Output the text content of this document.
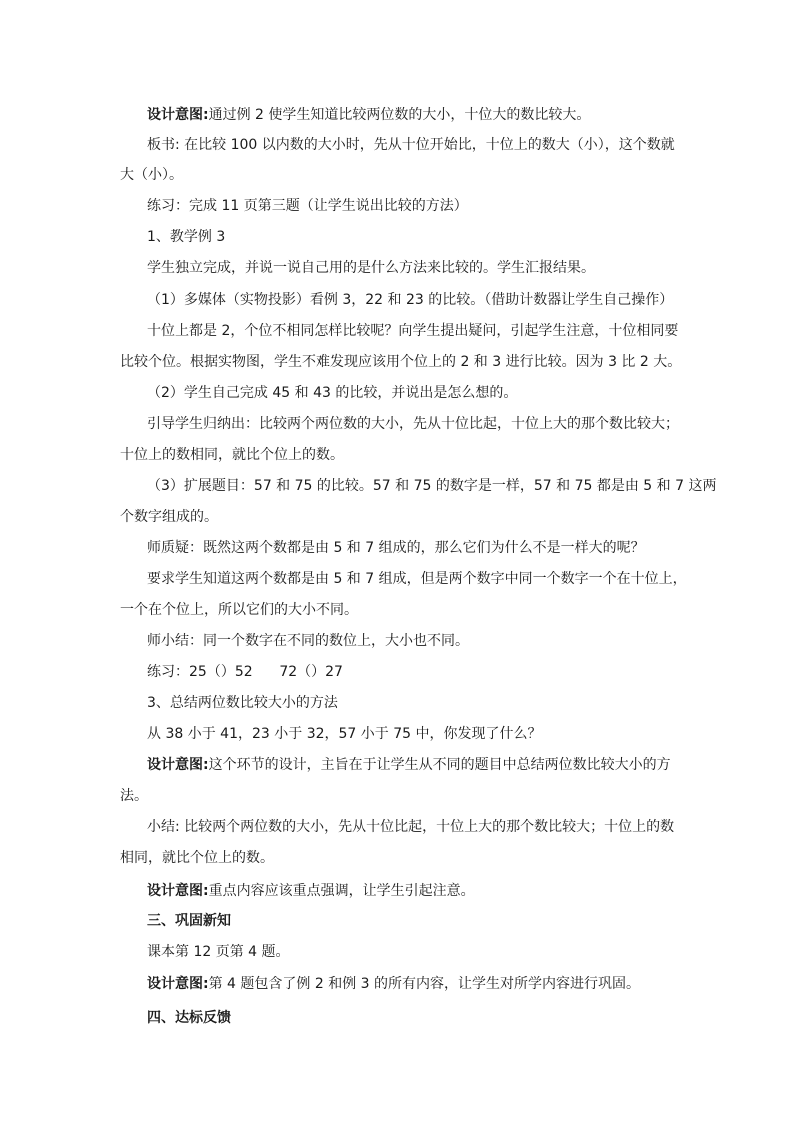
设计意图:通过例 2 使学生知道比较两位数的大小，十位大的数比较大。
板书: 在比较 100 以内数的大小时，先从十位开始比，十位上的数大（小），这个数就
大（小）。
练习：完成 11 页第三题（让学生说出比较的方法）
1、教学例 3
学生独立完成，并说一说自己用的是什么方法来比较的。学生汇报结果。
（1）多媒体（实物投影）看例 3，22 和 23 的比较。（借助计数器让学生自己操作）
十位上都是 2，个位不相同怎样比较呢？向学生提出疑问，引起学生注意，十位相同要
比较个位。根据实物图，学生不难发现应该用个位上的 2 和 3 进行比较。因为 3 比 2 大。
（2）学生自己完成 45 和 43 的比较，并说出是怎么想的。
引导学生归纳出：比较两个两位数的大小，先从十位比起，十位上大的那个数比较大；
十位上的数相同，就比个位上的数。
（3）扩展题目：57 和 75 的比较。57 和 75 的数字是一样，57 和 75 都是由 5 和 7 这两
个数字组成的。
师质疑：既然这两个数都是由 5 和 7 组成的，那么它们为什么不是一样大的呢？
要求学生知道这两个数都是由 5 和 7 组成，但是两个数字中同一个数字一个在十位上，
一个在个位上，所以它们的大小不同。
师小结：同一个数字在不同的数位上，大小也不同。
练习：25（）52      72（）27
3、总结两位数比较大小的方法
从 38 小于 41，23 小于 32，57 小于 75 中，你发现了什么？
设计意图:这个环节的设计，主旨在于让学生从不同的题目中总结两位数比较大小的方
法。
小结: 比较两个两位数的大小，先从十位比起，十位上大的那个数比较大；十位上的数
相同，就比个位上的数。
设计意图:重点内容应该重点强调，让学生引起注意。
三、巩固新知
课本第 12 页第 4 题。
设计意图:第 4 题包含了例 2 和例 3 的所有内容，让学生对所学内容进行巩固。
四、达标反馈
